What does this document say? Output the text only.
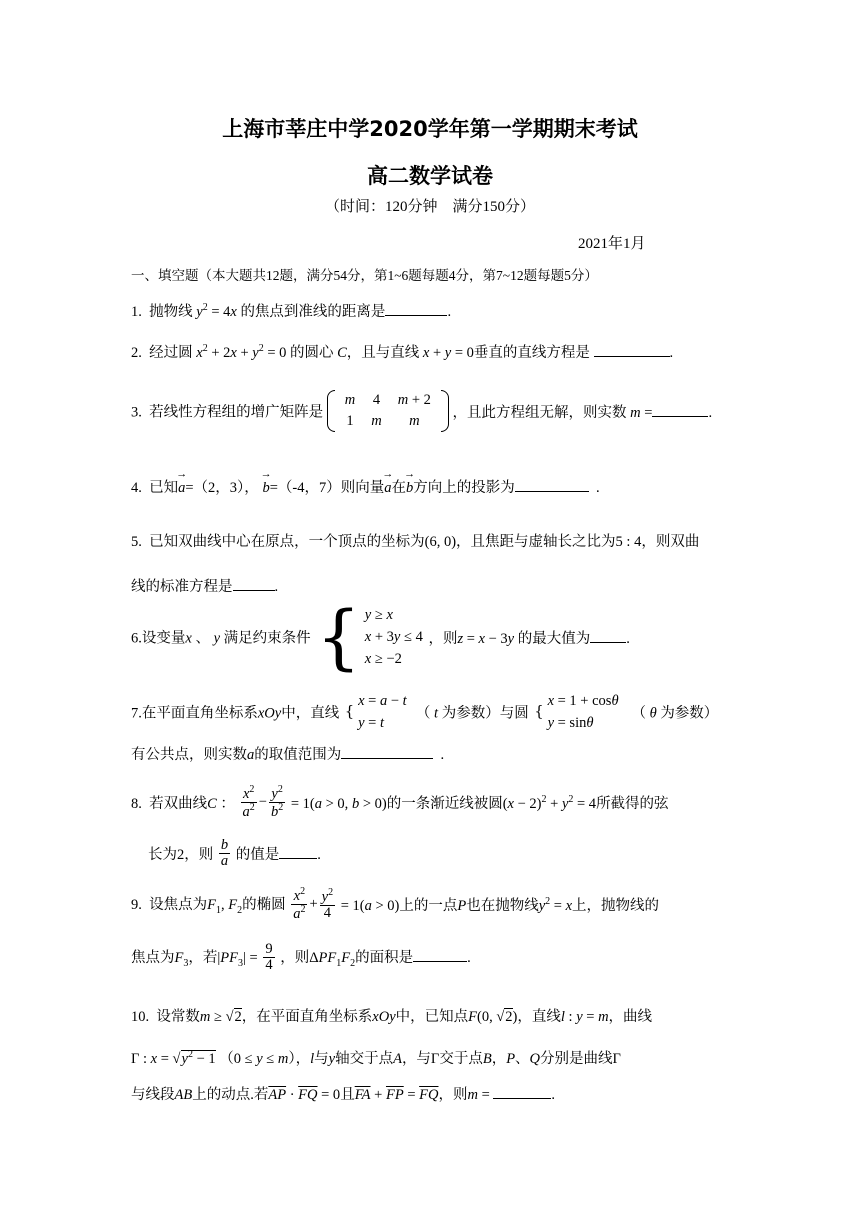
上海市莘庄中学2020学年第一学期期末考试
高二数学试卷
（时间：120分钟　满分150分）
2021年1月
一、填空题（本大题共12题，满分54分，第1~6题每题4分，第7~12题每题5分）
1. 抛物线 $y^2 = 4x$ 的焦点到准线的距离是	.
2. 经过圆 $x^2 + 2x + y^2 = 0$ 的圆心 C，且与直线 x + y = 0垂直的直线方程是	.
3. 若线性方程组的增广矩阵是
m	4	m + 2
1	m	m
，且此方程组无解，则实数 m =	.
4. 已知→ a=（2，3）， → b=（-4，7）则向量→ a在→ b方向上的投影为	.
5. 已知双曲线中心在原点，一个顶点的坐标为(6, 0)，且焦距与虚轴长之比为5 : 4，则双曲
线的标准方程是	.
6.设变量x 、 y 满足约束条件 {	y ≥ x
x + 3y ≤ 4
x ≥ −2
，则z = x − 3y 的最大值为 .
7.在平面直角坐标系xOy中，直线 {	x = a − t
y = t
（ t 为参数）与圆 {	x = 1 + cosθ
y = sinθ
（ θ 为参数）
有公共点，则实数a的取值范围为	.
8. 若双曲线C ： $\frac{x^2}{a^2} - \frac{y^2}{b^2} = 1(a > 0$, b > 0)的一条渐近线被圆$(x - 2)^2 + y^2 = 4$所截得的弦
长为2，则 $\frac{b}{a}$ 的值是	.
9. 设焦点为$F_1$, $F_2$的椭圆 $\frac{x^2}{a^2} + \frac{y^2}{4} = 1(a > 0)$上的一点P也在抛物线$y^2 = x$上，抛物线的
焦点为$F_3$，若$|PF_3| = \frac{9}{4}$ ，则$\Delta PF_1F_2$的面积是	.
10. 设常数m ≥ √2，在平面直角坐标系xOy中，已知点F(0, √2)，直线l : y = m，曲线
Γ : $x = √y^2 - 1$ （0 ≤ y ≤ m），l与y轴交于点A，与Γ交于点B，P、Q分别是曲线Γ
与线段AB上的动点.若$\overline{AP} \cdot \overline{FQ} = 0$且$\overline{FA} + \overline{FP} = \overline{FQ}$，则m =	.
